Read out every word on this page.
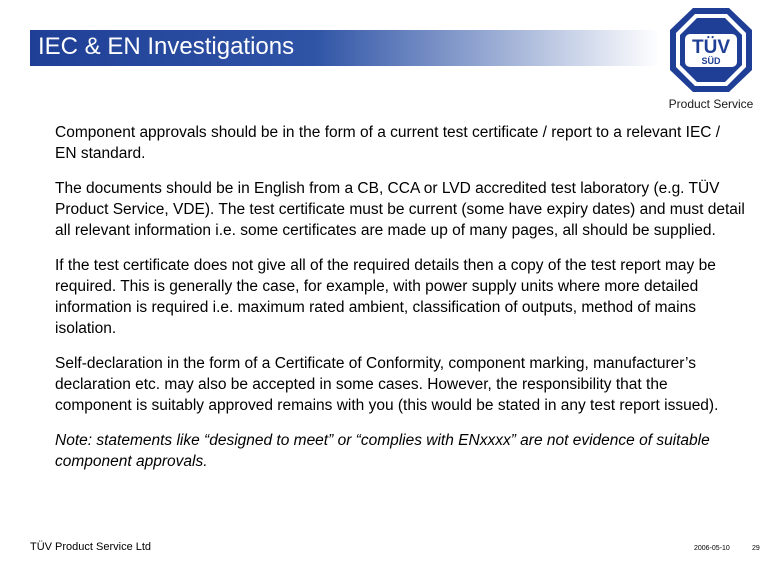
IEC & EN Investigations	TÜV
SÜD
Product Service

Component approvals should be in the form of a current test certificate / report to a relevant IEC / EN standard.

The documents should be in English from a CB, CCA or LVD accredited test laboratory (e.g. TÜV Product Service, VDE). The test certificate must be current (some have expiry dates) and must detail all relevant information i.e. some certificates are made up of many pages, all should be supplied.

If the test certificate does not give all of the required details then a copy of the test report may be required. This is generally the case, for example, with power supply units where more detailed information is required i.e. maximum rated ambient, classification of outputs, method of mains isolation.

Self-declaration in the form of a Certificate of Conformity, component marking, manufacturer’s declaration etc. may also be accepted in some cases. However, the responsibility that the component is suitably approved remains with you (this would be stated in any test report issued).

Note: statements like “designed to meet” or “complies with ENxxxx” are not evidence of suitable component approvals.

TÜV Product Service Ltd	2006-05-10	29
